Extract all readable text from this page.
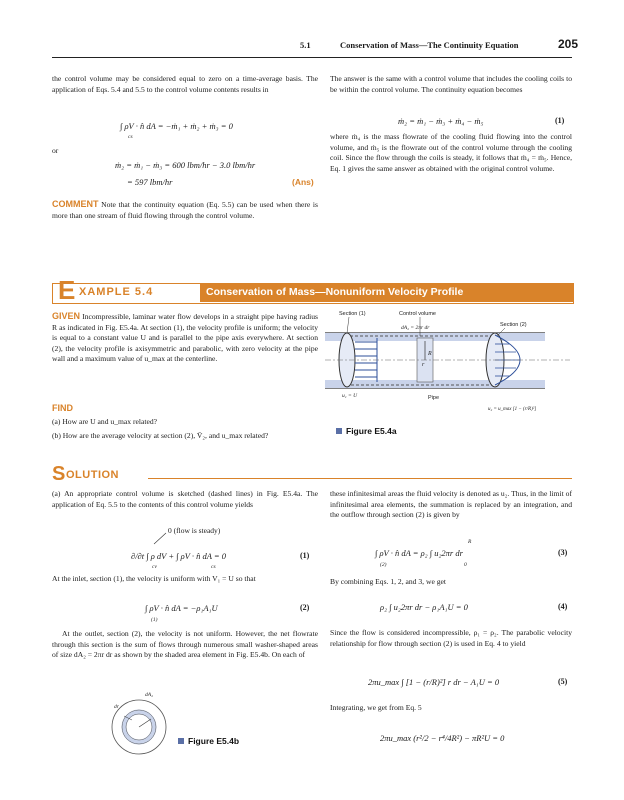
5.1	Conservation of Mass—The Continuity Equation	205
the control volume may be considered equal to zero on a time-average basis. The application of Eqs. 5.4 and 5.5 to the control volume contents results in
∫ ρV · n̂ dA = −ṁ₁ + ṁ₂ + ṁ₃ = 0
cs
or
ṁ₂ = ṁ₁ − ṁ₃ = 600 lbm/hr − 3.0 lbm/hr
= 597 lbm/hr	(Ans)
COMMENT Note that the continuity equation (Eq. 5.5) can be used when there is more than one stream of fluid flowing through the control volume.
The answer is the same with a control volume that includes the cooling coils to be within the control volume. The continuity equation becomes
ṁ₂ = ṁ₁ − ṁ₃ + ṁ₄ − ṁ₅	(1)
where ṁ₄ is the mass flowrate of the cooling fluid flowing into the control volume, and ṁ₅ is the flowrate out of the control volume through the cooling coil. Since the flow through the coils is steady, it follows that ṁ₄ = ṁ₅. Hence, Eq. 1 gives the same answer as obtained with the original control volume.
E XAMPLE 5.4	Conservation of Mass—Nonuniform Velocity Profile
GIVEN Incompressible, laminar water flow develops in a straight pipe having radius R as indicated in Fig. E5.4a. At section (1), the velocity profile is uniform; the velocity is equal to a constant value U and is parallel to the pipe axis everywhere. At section (2), the velocity profile is axisymmetric and parabolic, with zero velocity at the pipe wall and a maximum value of u_max at the centerline.
FIND
(a) How are U and u_max related?
(b) How are the average velocity at section (2), V̄₂, and u_max related?
Section (1)	Control volume
dA₂ = 2πr dr	Section (2)
R
r
u₁ = U	Pipe
u₂ = u_max [1 − (r/R)²]
Figure E5.4a
S OLUTION
(a) An appropriate control volume is sketched (dashed lines) in Fig. E5.4a. The application of Eq. 5.5 to the contents of this control volume yields
0 (flow is steady)
∂/∂t ∫ ρ dV + ∫ ρV · n̂ dA = 0
cv	cs
(1)
At the inlet, section (1), the velocity is uniform with V₁ = U so that
∫ ρV · n̂ dA = −ρ₁A₁U
(1)
(2)
At the outlet, section (2), the velocity is not uniform. However, the net flowrate through this section is the sum of flows through numerous small washer-shaped areas of size dA₂ = 2πr dr as shown by the shaded area element in Fig. E5.4b. On each of
dA₂
dr
Figure E5.4b
these infinitesimal areas the fluid velocity is denoted as u₂. Thus, in the limit of infinitesimal area elements, the summation is replaced by an integration, and the outflow through section (2) is given by
∫ ρV · n̂ dA = ρ₂ ∫ u₂2πr dr
(2)
R
0
(3)
By combining Eqs. 1, 2, and 3, we get
ρ₂ ∫ u₂2πr dr − ρ₁A₁U = 0	(4)
Since the flow is considered incompressible, ρ₁ = ρ₂. The parabolic velocity relationship for flow through section (2) is used in Eq. 4 to yield
2πu_max ∫ [1 − (r/R)²] r dr − A₁U = 0	(5)
Integrating, we get from Eq. 5
2πu_max (r²/2 − r⁴/4R²) − πR²U = 0
